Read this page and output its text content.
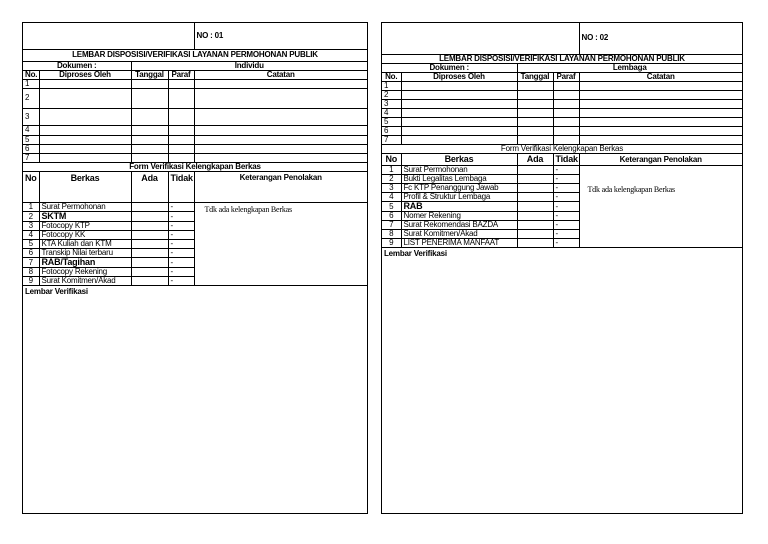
				NO : 01
LEMBAR DISPOSISI/VERIFIKASI LAYANAN PERMOHONAN PUBLIK				
Dokumen :		Individu		
No.	Diproses Oleh	Tanggal	Paraf	Catatan
1				
2				
3				
4				
5				
6				
7				
Form Verifikasi Kelengkapan Berkas				
No	Berkas	Ada	Tidak	Keterangan Penolakan
1	Surat Permohonan		-	Tdk ada kelengkapan Berkas
2	SKTM		-	
3	Fotocopy KTP		-	
4	Fotocopy KK		-	
5	KTA Kuliah dan KTM		-	
6	Transkip Nilai terbaru		-	
7	RAB/Tagihan		-	
8	Fotocopy Rekening		-	
9	Surat Komitmen/Akad		-	
Lembar Verifikasi
				NO : 02
LEMBAR DISPOSISI/VERIFIKASI LAYANAN PERMOHONAN PUBLIK				
Dokumen :		Lembaga		
No.	Diproses Oleh	Tanggal	Paraf	Catatan
1				
2				
3				
4				
5				
6				
7				
Form Verifikasi Kelengkapan Berkas				
No	Berkas	Ada	Tidak	Keterangan Penolakan
1	Surat Permohonan		-	Tdk ada kelengkapan Berkas
2	Bukti Legalitas Lembaga		-	
3	Fc KTP Penanggung Jawab		-	
4	Profil & Struktur Lembaga		-	
5	RAB		-	
6	Nomer Rekening		-	
7	Surat Rekomendasi BAZDA		-	
8	Surat Komitmen/Akad		-	
9	LIST PENERIMA MANFAAT		-	
Lembar Verifikasi
